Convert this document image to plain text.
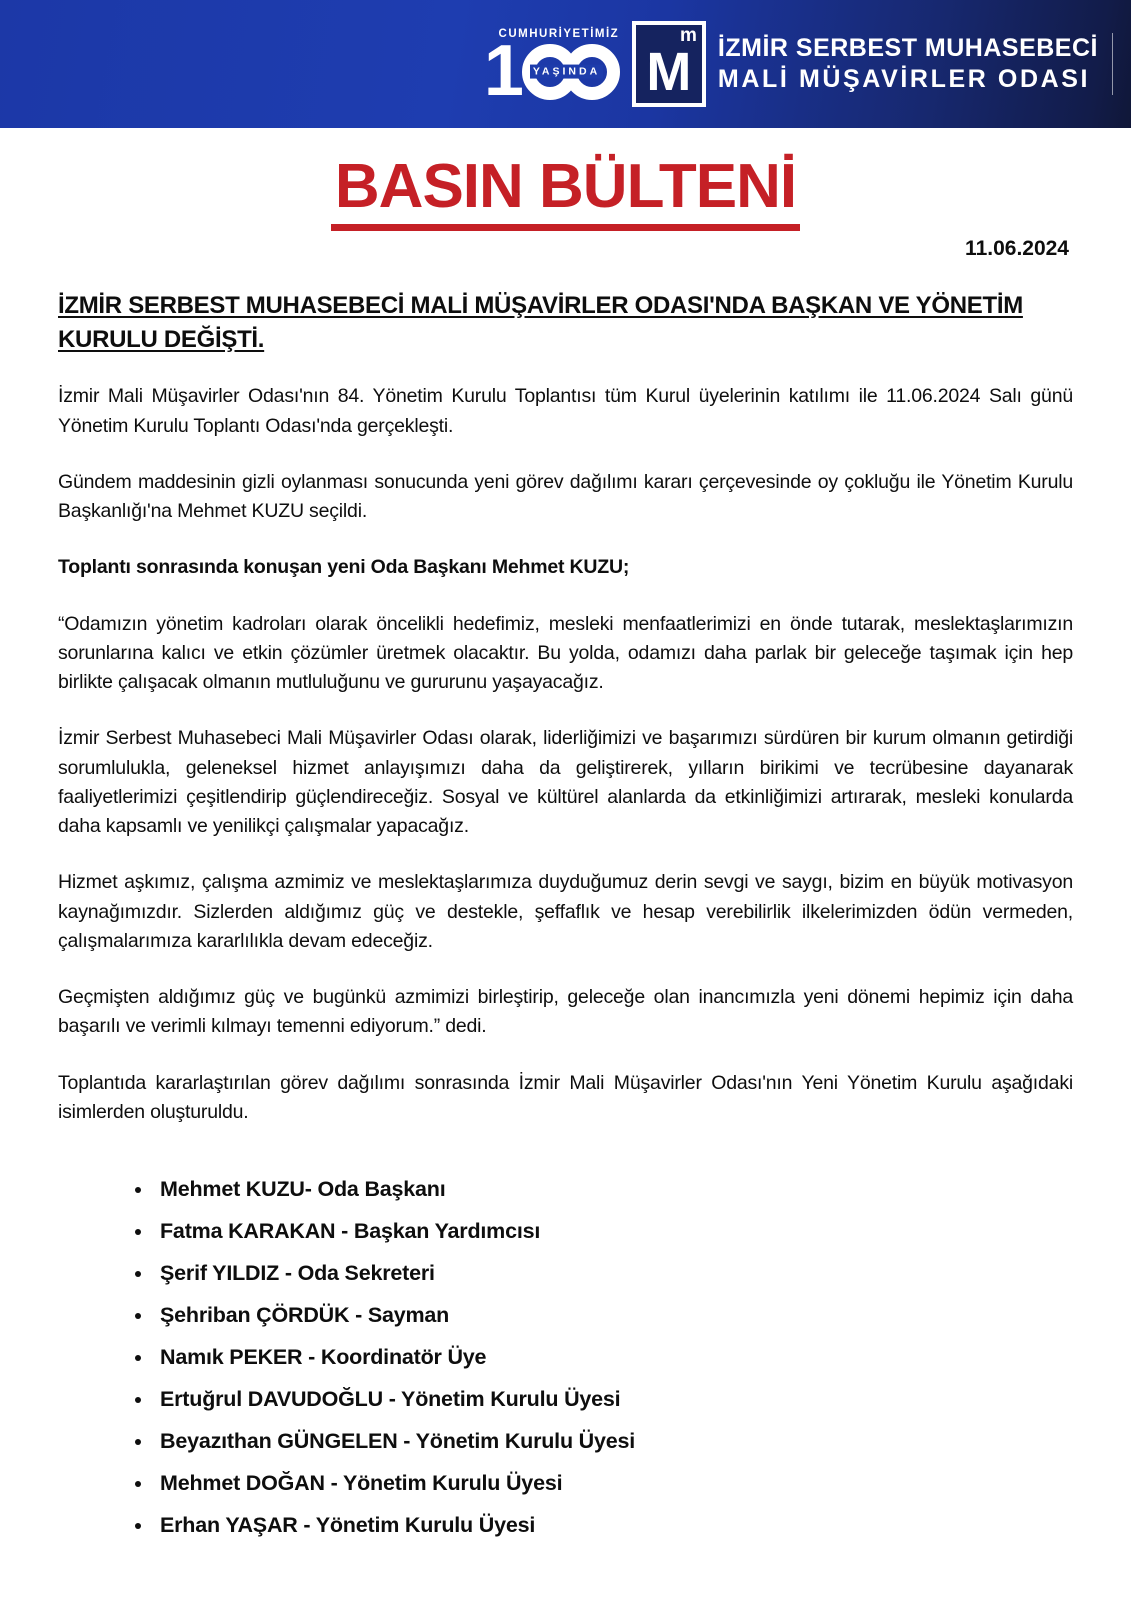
CUMHURİYETİMİZ
1 YAŞINDA
m
M İZMİR SERBEST MUHASEBECİ
MALİ MÜŞAVİRLER ODASI
BASIN BÜLTENİ
11.06.2024
İZMİR SERBEST MUHASEBECİ MALİ MÜŞAVİRLER ODASI'NDA BAŞKAN VE YÖNETİM KURULU DEĞİŞTİ.

İzmir Mali Müşavirler Odası'nın 84. Yönetim Kurulu Toplantısı tüm Kurul üyelerinin katılımı ile 11.06.2024 Salı günü Yönetim Kurulu Toplantı Odası'nda gerçekleşti.

Gündem maddesinin gizli oylanması sonucunda yeni görev dağılımı kararı çerçevesinde oy çokluğu ile Yönetim Kurulu Başkanlığı'na Mehmet KUZU seçildi.

Toplantı sonrasında konuşan yeni Oda Başkanı Mehmet KUZU;

“Odamızın yönetim kadroları olarak öncelikli hedefimiz, mesleki menfaatlerimizi en önde tutarak, meslektaşlarımızın sorunlarına kalıcı ve etkin çözümler üretmek olacaktır. Bu yolda, odamızı daha parlak bir geleceğe taşımak için hep birlikte çalışacak olmanın mutluluğunu ve gururunu yaşayacağız.

İzmir Serbest Muhasebeci Mali Müşavirler Odası olarak, liderliğimizi ve başarımızı sürdüren bir kurum olmanın getirdiği sorumlulukla, geleneksel hizmet anlayışımızı daha da geliştirerek, yılların birikimi ve tecrübesine dayanarak faaliyetlerimizi çeşitlendirip güçlendireceğiz. Sosyal ve kültürel alanlarda da etkinliğimizi artırarak, mesleki konularda daha kapsamlı ve yenilikçi çalışmalar yapacağız.

Hizmet aşkımız, çalışma azmimiz ve meslektaşlarımıza duyduğumuz derin sevgi ve saygı, bizim en büyük motivasyon kaynağımızdır. Sizlerden aldığımız güç ve destekle, şeffaflık ve hesap verebilirlik ilkelerimizden ödün vermeden, çalışmalarımıza kararlılıkla devam edeceğiz.

Geçmişten aldığımız güç ve bugünkü azmimizi birleştirip, geleceğe olan inancımızla yeni dönemi hepimiz için daha başarılı ve verimli kılmayı temenni ediyorum.” dedi.

Toplantıda kararlaştırılan görev dağılımı sonrasında İzmir Mali Müşavirler Odası'nın Yeni Yönetim Kurulu aşağıdaki isimlerden oluşturuldu.

• Mehmet KUZU- Oda Başkanı
• Fatma KARAKAN - Başkan Yardımcısı
• Şerif YILDIZ - Oda Sekreteri
• Şehriban ÇÖRDÜK - Sayman
• Namık PEKER - Koordinatör Üye
• Ertuğrul DAVUDOĞLU - Yönetim Kurulu Üyesi
• Beyazıthan GÜNGELEN - Yönetim Kurulu Üyesi
• Mehmet DOĞAN - Yönetim Kurulu Üyesi
• Erhan YAŞAR - Yönetim Kurulu Üyesi
